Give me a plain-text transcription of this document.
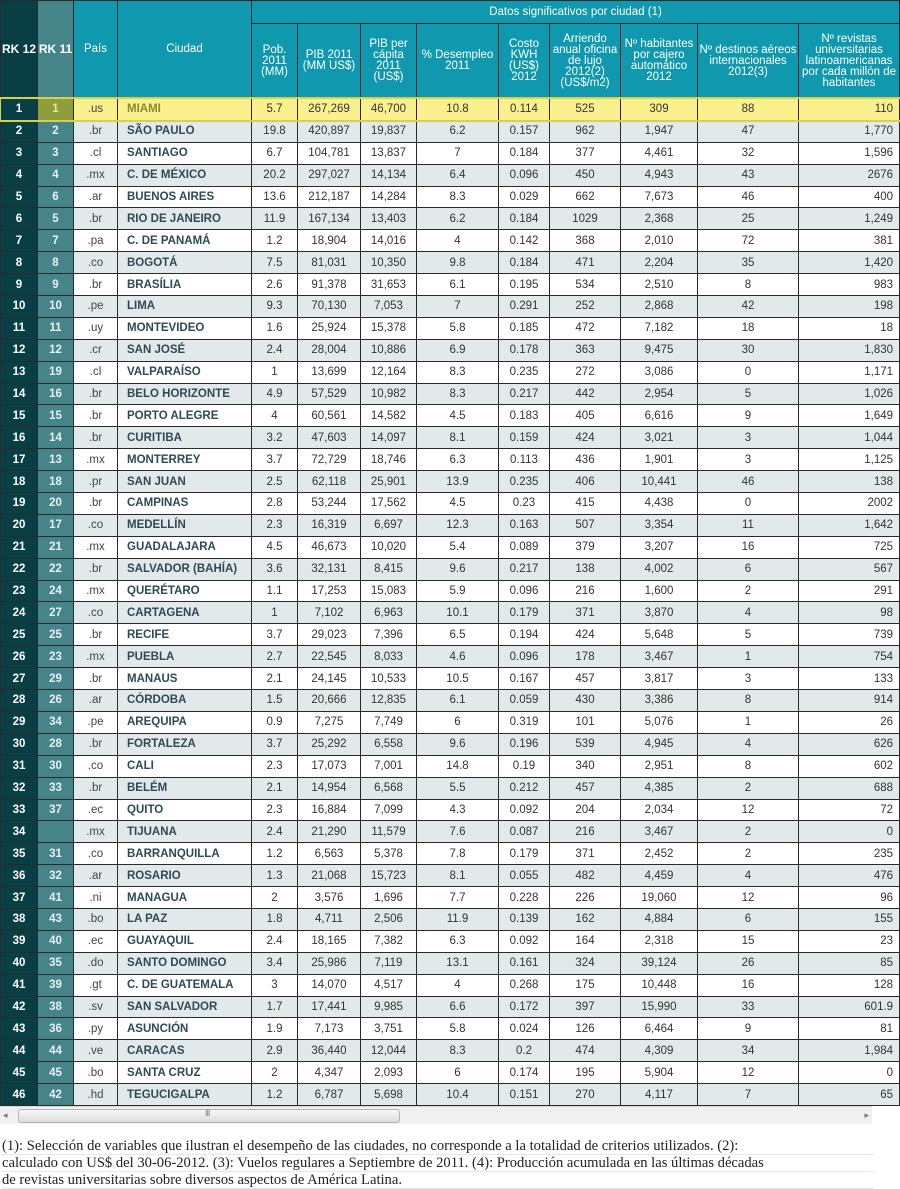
RK 12	RK 11	País	Ciudad	Datos significativos por ciudad (1)								
				Pob. 2011 (MM)	PIB 2011 (MM US$)	PIB per cápita 2011 (US$)	% Desempleo 2011	Costo KWH (US$) 2012	Arriendo anual oficina de lujo 2012(2) (US$/m2)	Nº habitantes por cajero automático 2012	Nº destinos aéreos internacionales 2012(3)	Nº revistas universitarias latinoamericanas por cada millón de habitantes
1	1	.us	MIAMI	5.7	267,269	46,700	10.8	0.114	525	309	88	110
2	2	.br	SÃO PAULO	19.8	420,897	19,837	6.2	0.157	962	1,947	47	1,770
3	3	.cl	SANTIAGO	6.7	104,781	13,837	7	0.184	377	4,461	32	1,596
4	4	.mx	C. DE MÉXICO	20.2	297,027	14,134	6.4	0.096	450	4,943	43	2676
5	6	.ar	BUENOS AIRES	13.6	212,187	14,284	8.3	0.029	662	7,673	46	400
6	5	.br	RIO DE JANEIRO	11.9	167,134	13,403	6.2	0.184	1029	2,368	25	1,249
7	7	.pa	C. DE PANAMÁ	1.2	18,904	14,016	4	0.142	368	2,010	72	381
8	8	.co	BOGOTÁ	7.5	81,031	10,350	9.8	0.184	471	2,204	35	1,420
9	9	.br	BRASÍLIA	2.6	91,378	31,653	6.1	0.195	534	2,510	8	983
10	10	.pe	LIMA	9.3	70,130	7,053	7	0.291	252	2,868	42	198
11	11	.uy	MONTEVIDEO	1.6	25,924	15,378	5.8	0.185	472	7,182	18	18
12	12	.cr	SAN JOSÉ	2.4	28,004	10,886	6.9	0.178	363	9,475	30	1,830
13	19	.cl	VALPARAÍSO	1	13,699	12,164	8.3	0.235	272	3,086	0	1,171
14	16	.br	BELO HORIZONTE	4.9	57,529	10,982	8.3	0.217	442	2,954	5	1,026
15	15	.br	PORTO ALEGRE	4	60,561	14,582	4.5	0.183	405	6,616	9	1,649
16	14	.br	CURITIBA	3.2	47,603	14,097	8.1	0.159	424	3,021	3	1,044
17	13	.mx	MONTERREY	3.7	72,729	18,746	6.3	0.113	436	1,901	3	1,125
18	18	.pr	SAN JUAN	2.5	62,118	25,901	13.9	0.235	406	10,441	46	138
19	20	.br	CAMPINAS	2.8	53,244	17,562	4.5	0.23	415	4,438	0	2002
20	17	.co	MEDELLÍN	2.3	16,319	6,697	12.3	0.163	507	3,354	11	1,642
21	21	.mx	GUADALAJARA	4.5	46,673	10,020	5.4	0.089	379	3,207	16	725
22	22	.br	SALVADOR (BAHÍA)	3.6	32,131	8,415	9.6	0.217	138	4,002	6	567
23	24	.mx	QUERÉTARO	1.1	17,253	15,083	5.9	0.096	216	1,600	2	291
24	27	.co	CARTAGENA	1	7,102	6,963	10.1	0.179	371	3,870	4	98
25	25	.br	RECIFE	3.7	29,023	7,396	6.5	0.194	424	5,648	5	739
26	23	.mx	PUEBLA	2.7	22,545	8,033	4.6	0.096	178	3,467	1	754
27	29	.br	MANAUS	2.1	24,145	10,533	10.5	0.167	457	3,817	3	133
28	26	.ar	CÓRDOBA	1.5	20,666	12,835	6.1	0.059	430	3,386	8	914
29	34	.pe	AREQUIPA	0.9	7,275	7,749	6	0.319	101	5,076	1	26
30	28	.br	FORTALEZA	3.7	25,292	6,558	9.6	0.196	539	4,945	4	626
31	30	.co	CALI	2.3	17,073	7,001	14.8	0.19	340	2,951	8	602
32	33	.br	BELÉM	2.1	14,954	6,568	5.5	0.212	457	4,385	2	688
33	37	.ec	QUITO	2.3	16,884	7,099	4.3	0.092	204	2,034	12	72
34		.mx	TIJUANA	2.4	21,290	11,579	7.6	0.087	216	3,467	2	0
35	31	.co	BARRANQUILLA	1.2	6,563	5,378	7.8	0.179	371	2,452	2	235
36	32	.ar	ROSARIO	1.3	21,068	15,723	8.1	0.055	482	4,459	4	476
37	41	.ni	MANAGUA	2	3,576	1,696	7.7	0.228	226	19,060	12	96
38	43	.bo	LA PAZ	1.8	4,711	2,506	11.9	0.139	162	4,884	6	155
39	40	.ec	GUAYAQUIL	2.4	18,165	7,382	6.3	0.092	164	2,318	15	23
40	35	.do	SANTO DOMINGO	3.4	25,986	7,119	13.1	0.161	324	39,124	26	85
41	39	.gt	C. DE GUATEMALA	3	14,070	4,517	4	0.268	175	10,448	16	128
42	38	.sv	SAN SALVADOR	1.7	17,441	9,985	6.6	0.172	397	15,990	33	601.9
43	36	.py	ASUNCIÓN	1.9	7,173	3,751	5.8	0.024	126	6,464	9	81
44	44	.ve	CARACAS	2.9	36,440	12,044	8.3	0.2	474	4,309	34	1,984
45	45	.bo	SANTA CRUZ	2	4,347	2,093	6	0.174	195	5,904	12	0
46	42	.hd	TEGUCIGALPA	1.2	6,787	5,698	10.4	0.151	270	4,117	7	65
◂	III	▸
(1): Selección de variables que ilustran el desempeño de las ciudades, no corresponde a la totalidad de criterios utilizados. (2):
calculado con US$ del 30-06-2012. (3): Vuelos regulares a Septiembre de 2011. (4): Producción acumulada en las últimas décadas
de revistas universitarias sobre diversos aspectos de América Latina.
